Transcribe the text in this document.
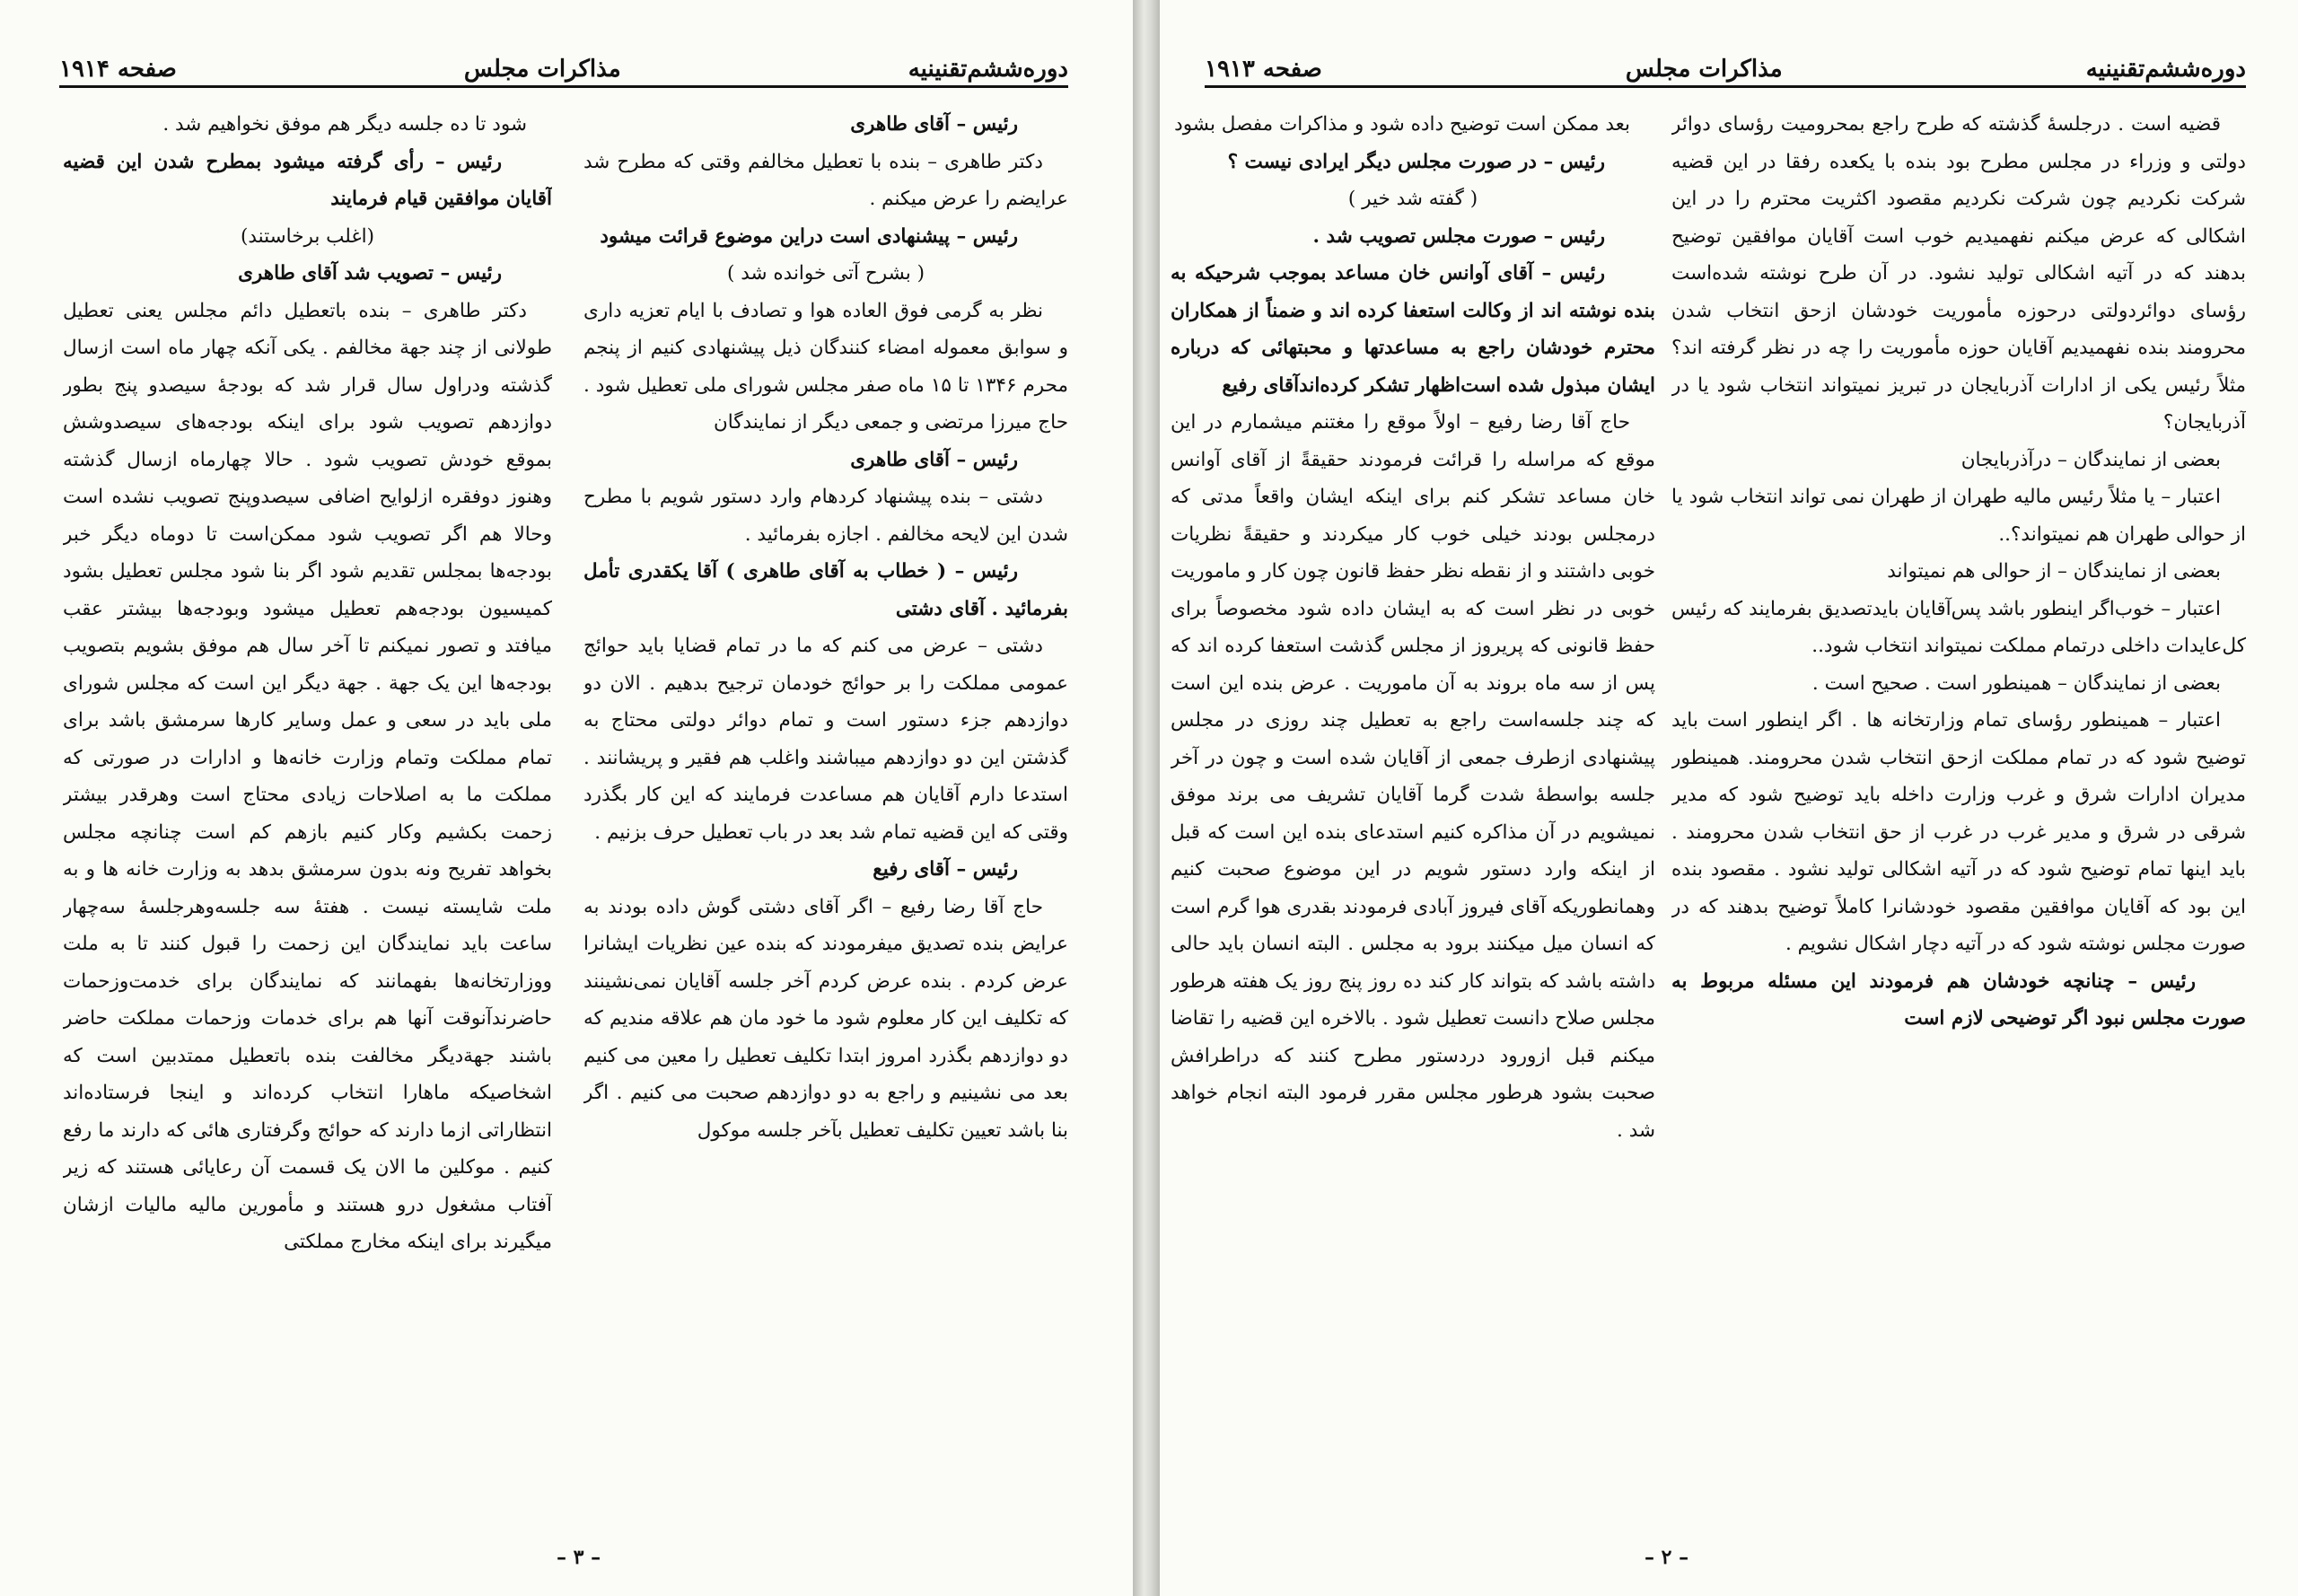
دوره‌ششم‌تقنینیه
مذاکرات مجلس
صفحه ۱۹۱۴

رئیس – آقای طاهری

دکتر طاهری – بنده با تعطیل مخالفم وقتی که مطرح شد عرایضم را عرض میکنم .

رئیس – پیشنهادی است دراین موضوع قرائت میشود

( بشرح آتی خوانده شد )

نظر به گرمی فوق العاده هوا و تصادف با ایام تعزیه داری و سوابق معموله امضاء کنندگان ذیل پیشنهادی کنیم از پنجم محرم ۱۳۴۶ تا ۱۵ ماه صفر مجلس شورای ملی تعطیل شود . حاج میرزا مرتضی و جمعی دیگر از نمایندگان

رئیس – آقای طاهری

دشتی – بنده پیشنهاد کردهام وارد دستور شویم با مطرح شدن این لایحه مخالفم . اجازه بفرمائید .

رئیس – ( خطاب به آقای طاهری ) آقا یکقدری تأمل بفرمائید . آقای دشتی

دشتی – عرض می کنم که ما در تمام قضایا باید حوائج عمومی مملکت را بر حوائج خودمان ترجیح بدهیم . الان دو دوازدهم جزء دستور است و تمام دوائر دولتی محتاج به گذشتن این دو دوازدهم میباشند واغلب هم فقیر و پریشانند . استدعا دارم آقایان هم مساعدت فرمایند که این کار بگذرد وقتی که این قضیه تمام شد بعد در باب تعطیل حرف بزنیم .

رئیس – آقای رفیع

حاج آقا رضا رفیع – اگر آقای دشتی گوش داده بودند به عرایض بنده تصدیق میفرمودند که بنده عین نظریات ایشانرا عرض کردم . بنده عرض کردم آخر جلسه آقایان نمی‌نشینند که تکلیف این کار معلوم شود ما خود مان هم علاقه مندیم که دو دوازدهم بگذرد امروز ابتدا تکلیف تعطیل را معین می کنیم بعد می نشینیم و راجع به دو دوازدهم صحبت می کنیم . اگر بنا باشد تعیین تکلیف تعطیل بآخر جلسه موکول

شود تا ده جلسه دیگر هم موفق نخواهیم شد .

رئیس – رأی گرفته میشود بمطرح شدن این قضیه آقایان موافقین قیام فرمایند

(اغلب برخاستند)

رئیس – تصویب شد آقای طاهری

دکتر طاهری – بنده باتعطیل دائم مجلس یعنی تعطیل طولانی از چند جهة مخالفم . یکی آنکه چهار ماه است ازسال گذشته ودراول سال قرار شد که بودجهٔ سیصدو پنج بطور دوازدهم تصویب شود برای اینکه بودجه‌های سیصدوشش بموقع خودش تصویب شود . حالا چهارماه ازسال گذشته وهنوز دوفقره ازلوایح اضافی سیصدوپنج تصویب نشده است وحالا هم اگر تصویب شود ممکن‌است تا دوماه دیگر خبر بودجه‌ها بمجلس تقدیم شود اگر بنا شود مجلس تعطیل بشود کمیسیون بودجه‌هم تعطیل میشود وبودجه‌ها بیشتر عقب میافتد و تصور نمیکنم تا آخر سال هم موفق بشویم بتصویب بودجه‌ها این یک جهة . جهة دیگر این است که مجلس شورای ملی باید در سعی و عمل وسایر کارها سرمشق باشد برای تمام مملکت وتمام وزارت خانه‌ها و ادارات در صورتی که مملکت ما به اصلاحات زیادی محتاج است وهرقدر بیشتر زحمت بکشیم وکار کنیم بازهم کم است چنانچه مجلس بخواهد تفریح ونه بدون سرمشق بدهد به وزارت خانه ها و به ملت شایسته نیست . هفتهٔ سه جلسه‌وهرجلسهٔ سه‌چهار ساعت باید نمایندگان این زحمت را قبول کنند تا به ملت ووزارتخانه‌ها بفهمانند که نمایندگان برای خدمت‌وزحمات حاضرندآنوقت آنها هم برای خدمات وزحمات مملکت حاضر باشند جهة‌دیگر مخالفت بنده باتعطیل ممتدبین است که اشخاصیکه ماهارا انتخاب کرده‌اند و اینجا فرستاده‌اند انتظاراتی ازما دارند که حوائج وگرفتاری هائی که دارند ما رفع کنیم . موکلین ما الان یک قسمت آن رعایائی هستند که زیر آفتاب مشغول درو هستند و مأمورین مالیه مالیات ازشان میگیرند برای اینکه مخارج مملکتی

– ۳ –
دوره‌ششم‌تقنینیه
مذاکرات مجلس
صفحه ۱۹۱۳

قضیه است . درجلسهٔ گذشته که طرح راجع بمحرومیت رؤسای دوائر دولتی و وزراء در مجلس مطرح بود بنده با یکعده رفقا در این قضیه شرکت نکردیم چون شرکت نکردیم مقصود اکثریت محترم را در این اشکالی که عرض میکنم نفهمیدیم خوب است آقایان موافقین توضیح بدهند که در آتیه اشکالی تولید نشود. در آن طرح نوشته شده‌است رؤسای دوائردولتی درحوزه مأموریت خودشان ازحق انتخاب شدن محرومند بنده نفهمیدیم آقایان حوزه مأموریت را چه در نظر گرفته اند؟ مثلاً رئیس یکی از ادارات آذربایجان در تبریز نمیتواند انتخاب شود یا در آذربایجان؟

بعضی از نمایندگان – درآذربایجان

اعتبار – یا مثلاً رئیس مالیه طهران از طهران نمی تواند انتخاب شود یا از حوالی طهران هم نمیتواند؟..

بعضی از نمایندگان – از حوالی هم نمیتواند

اعتبار – خوب‌اگر اینطور باشد پس‌آقایان بایدتصدیق بفرمایند که رئیس کل‌عایدات داخلی درتمام مملکت نمیتواند انتخاب شود..

بعضی از نمایندگان – همینطور است . صحیح است .

اعتبار – همینطور رؤسای تمام وزارتخانه ها . اگر اینطور است باید توضیح شود که در تمام مملکت ازحق انتخاب شدن محرومند. همینطور مدیران ادارات شرق و غرب وزارت داخله باید توضیح شود که مدیر شرقی در شرق و مدیر غرب در غرب از حق انتخاب شدن محرومند . باید اینها تمام توضیح شود که در آتیه اشکالی تولید نشود . مقصود بنده این بود که آقایان موافقین مقصود خودشانرا کاملاً توضیح بدهند که در صورت مجلس نوشته شود که در آتیه دچار اشکال نشویم .

رئیس – چنانچه خودشان هم فرمودند این مسئله مربوط به صورت مجلس نبود اگر توضیحی لازم است

بعد ممکن است توضیح داده شود و مذاکرات مفصل بشود

رئیس – در صورت مجلس دیگر ایرادی نیست ؟

( گفته شد خیر )

رئیس – صورت مجلس تصویب شد .

رئیس – آقای آوانس خان مساعد بموجب شرحیکه به بنده نوشته اند از وکالت استعفا کرده اند و ضمناً از همکاران محترم خودشان راجع به مساعدتها و محبتهائی که درباره ایشان مبذول شده است‌اظهار تشکر کرده‌اند‌آقای رفیع

حاج آقا رضا رفیع – اولاً موقع را مغتنم میشمارم در این موقع که مراسله را قرائت فرمودند حقیقةً از آقای آوانس خان مساعد تشکر کنم برای اینکه ایشان واقعاً مدتی که درمجلس بودند خیلی خوب کار میکردند و حقیقةً نظریات خوبی داشتند و از نقطه نظر حفظ قانون چون کار و ماموریت خوبی در نظر است که به ایشان داده شود مخصوصاً برای حفظ قانونی که پریروز از مجلس گذشت استعفا کرده اند که پس از سه ماه بروند به آن ماموریت . عرض بنده این است که چند جلسه‌است راجع به تعطیل چند روزی در مجلس پیشنهادی ازطرف جمعی از آقایان شده است و چون در آخر جلسه بواسطهٔ شدت گرما آقایان تشریف می برند موفق نمیشویم در آن مذاکره کنیم استدعای بنده این است که قبل از اینکه وارد دستور شویم در این موضوع صحبت کنیم وهمانطوریکه آقای فیروز آبادی فرمودند بقدری هوا گرم است که انسان میل میکنند برود به مجلس . البته انسان باید حالی داشته باشد که بتواند کار کند ده روز پنج روز یک هفته هرطور مجلس صلاح دانست تعطیل شود . بالاخره این قضیه را تقاضا میکنم قبل ازورود دردستور مطرح کنند که دراطرافش صحبت بشود هرطور مجلس مقرر فرمود البته انجام خواهد شد .

– ۲ –
